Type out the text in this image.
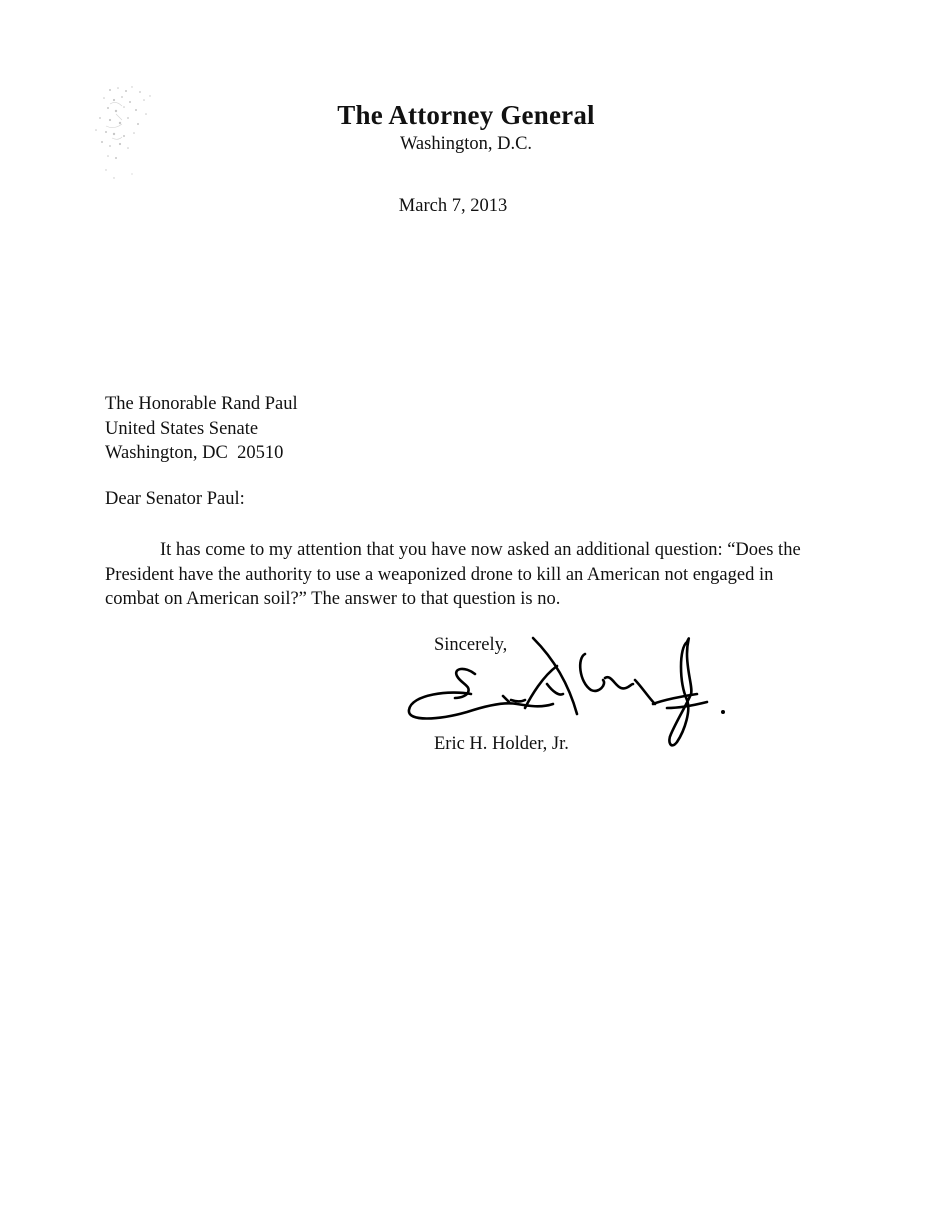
The Attorney General
Washington, D.C.
March 7, 2013
The Honorable Rand Paul
United States Senate
Washington, DC  20510
Dear Senator Paul:
It has come to my attention that you have now asked an additional question: “Does the
President have the authority to use a weaponized drone to kill an American not engaged in
combat on American soil?” The answer to that question is no.
Sincerely,
Eric H. Holder, Jr.
